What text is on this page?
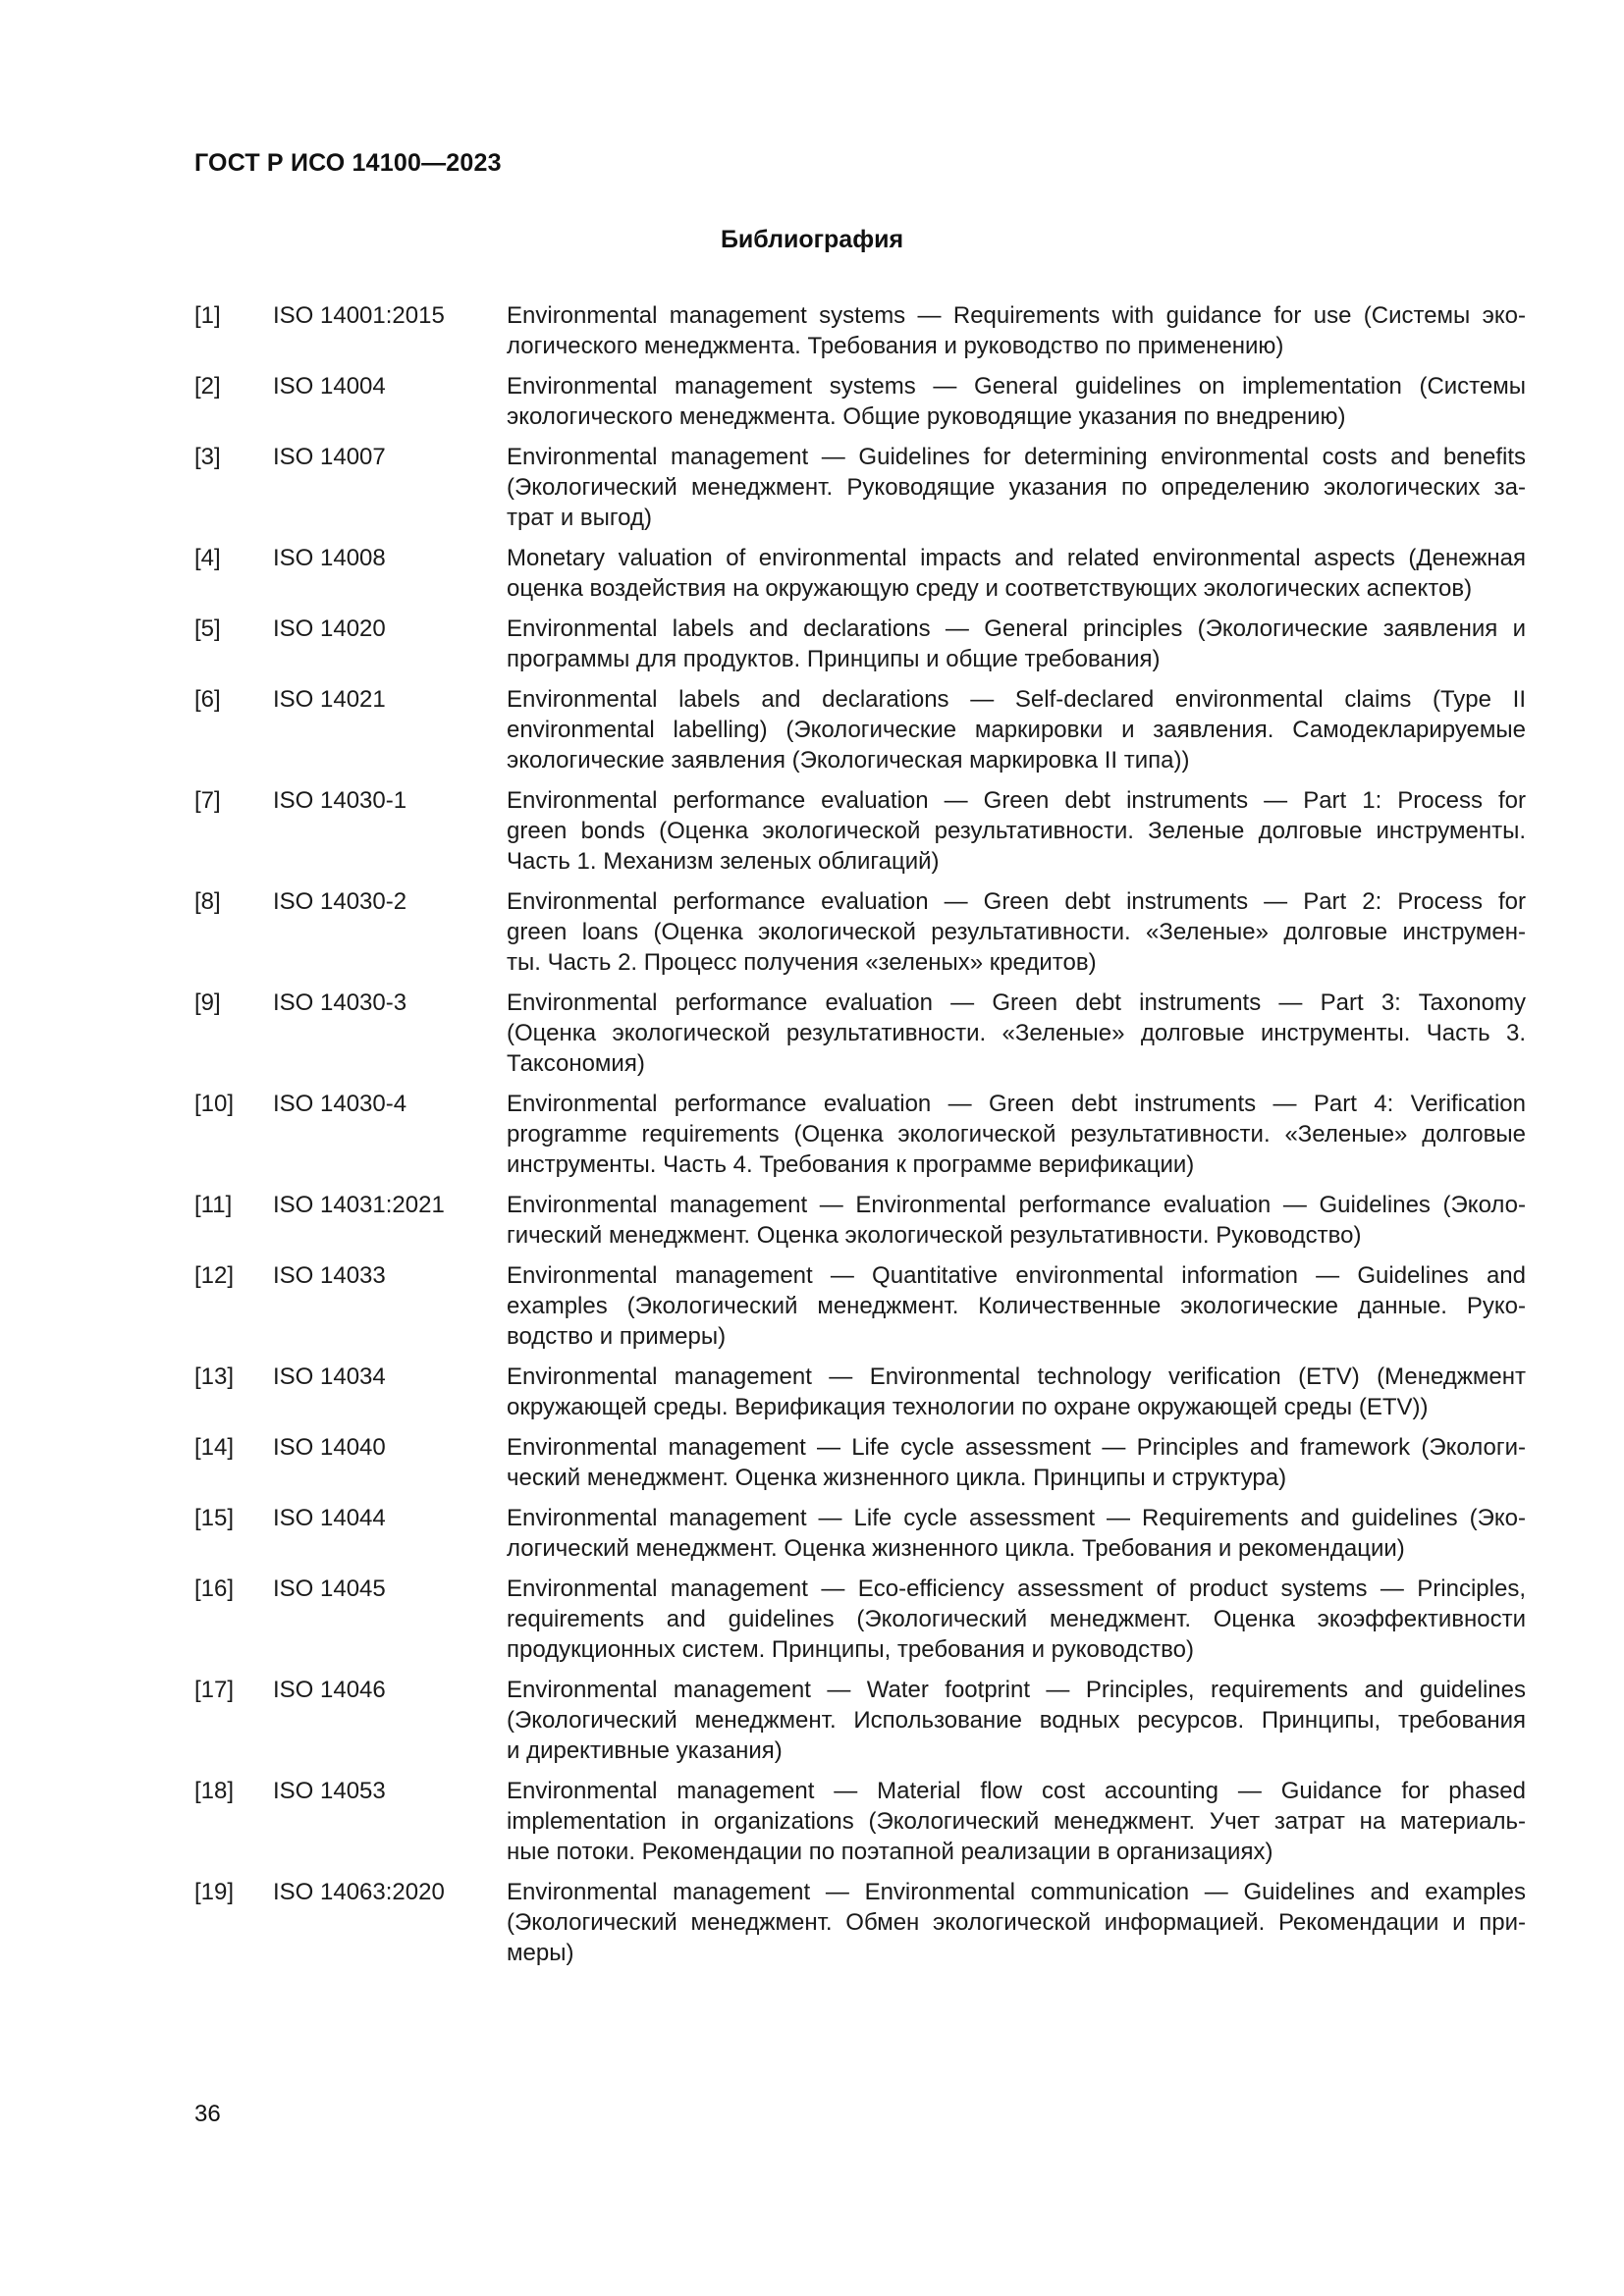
ГОСТ Р ИСО 14100—2023
Библиография
[1]	ISO 14001:2015	Environmental management systems — Requirements with guidance for use (Системы эко-
логического менеджмента. Требования и руководство по применению)
[2]	ISO 14004	Environmental management systems — General guidelines on implementation (Системы
экологического менеджмента. Общие руководящие указания по внедрению)
[3]	ISO 14007	Environmental management — Guidelines for determining environmental costs and benefits
(Экологический менеджмент. Руководящие указания по определению экологических за-
трат и выгод)
[4]	ISO 14008	Monetary valuation of environmental impacts and related environmental aspects (Денежная
оценка воздействия на окружающую среду и соответствующих экологических аспектов)
[5]	ISO 14020	Environmental labels and declarations — General principles (Экологические заявления и
программы для продуктов. Принципы и общие требования)
[6]	ISO 14021	Environmental labels and declarations — Self-declared environmental claims (Type II
environmental labelling) (Экологические маркировки и заявления. Самодекларируемые
экологические заявления (Экологическая маркировка II типа))
[7]	ISO 14030-1	Environmental performance evaluation — Green debt instruments — Part 1: Process for
green bonds (Оценка экологической результативности. Зеленые долговые инструменты.
Часть 1. Механизм зеленых облигаций)
[8]	ISO 14030-2	Environmental performance evaluation — Green debt instruments — Part 2: Process for
green loans (Оценка экологической результативности. «Зеленые» долговые инструмен-
ты. Часть 2. Процесс получения «зеленых» кредитов)
[9]	ISO 14030-3	Environmental performance evaluation — Green debt instruments — Part 3: Taxonomy
(Оценка экологической результативности. «Зеленые» долговые инструменты. Часть 3.
Таксономия)
[10]	ISO 14030-4	Environmental performance evaluation — Green debt instruments — Part 4: Verification
programme requirements (Оценка экологической результативности. «Зеленые» долговые
инструменты. Часть 4. Требования к программе верификации)
[11]	ISO 14031:2021	Environmental management — Environmental performance evaluation — Guidelines (Эколо-
гический менеджмент. Оценка экологической результативности. Руководство)
[12]	ISO 14033	Environmental management — Quantitative environmental information — Guidelines and
examples (Экологический менеджмент. Количественные экологические данные. Руко-
водство и примеры)
[13]	ISO 14034	Environmental management — Environmental technology verification (ETV) (Менеджмент
окружающей среды. Верификация технологии по охране окружающей среды (ETV))
[14]	ISO 14040	Environmental management — Life cycle assessment — Principles and framework (Экологи-
ческий менеджмент. Оценка жизненного цикла. Принципы и структура)
[15]	ISO 14044	Environmental management — Life cycle assessment — Requirements and guidelines (Эко-
логический менеджмент. Оценка жизненного цикла. Требования и рекомендации)
[16]	ISO 14045	Environmental management — Eco-efficiency assessment of product systems — Principles,
requirements and guidelines (Экологический менеджмент. Оценка экоэффективности
продукционных систем. Принципы, требования и руководство)
[17]	ISO 14046	Environmental management — Water footprint — Principles, requirements and guidelines
(Экологический менеджмент. Использование водных ресурсов. Принципы, требования
и директивные указания)
[18]	ISO 14053	Environmental management — Material flow cost accounting — Guidance for phased
implementation in organizations (Экологический менеджмент. Учет затрат на материаль-
ные потоки. Рекомендации по поэтапной реализации в организациях)
[19]	ISO 14063:2020	Environmental management — Environmental communication — Guidelines and examples
(Экологический менеджмент. Обмен экологической информацией. Рекомендации и при-
меры)
36
